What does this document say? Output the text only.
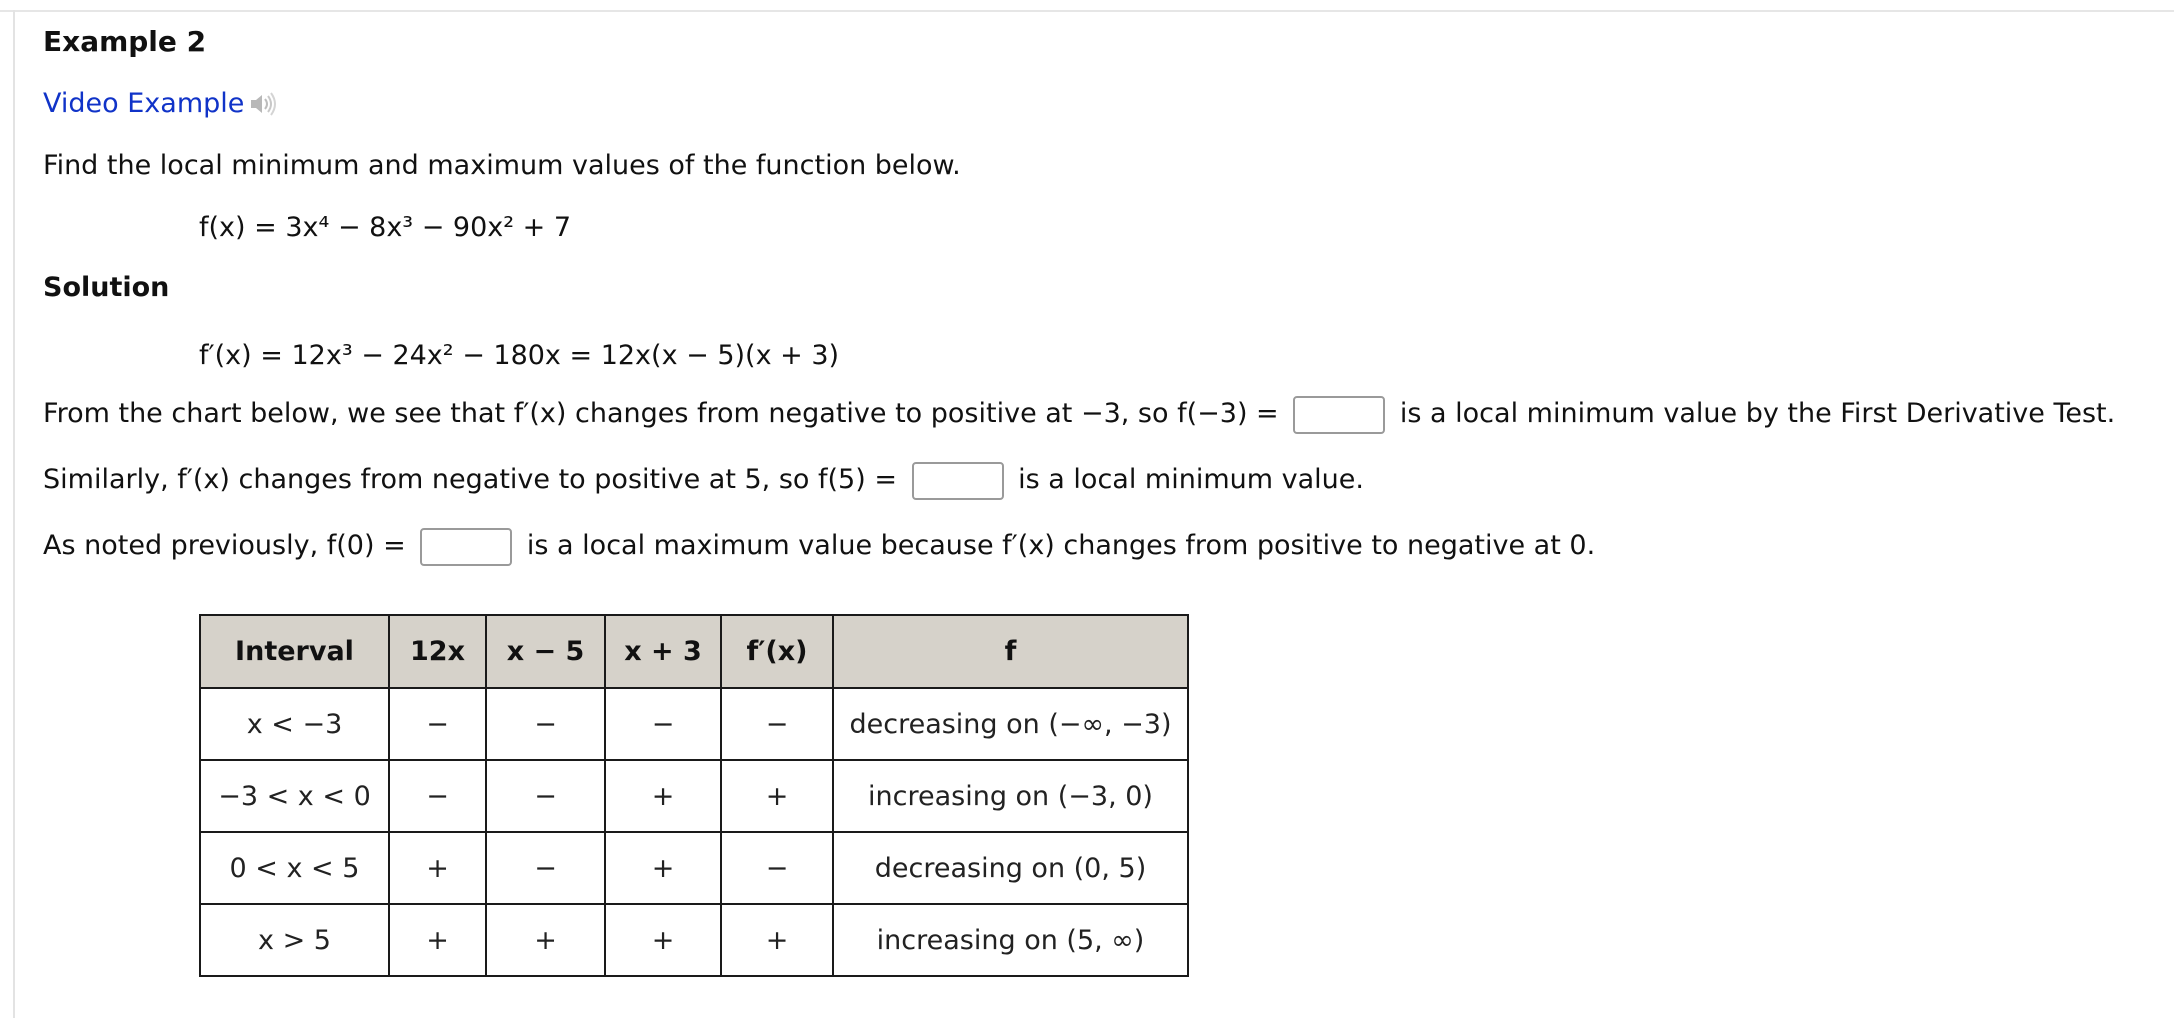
Example 2
Video Example
Find the local minimum and maximum values of the function below.
f(x) = 3x⁴ − 8x³ − 90x² + 7
Solution
f′(x) = 12x³ − 24x² − 180x = 12x(x − 5)(x + 3)
From the chart below, we see that f′(x) changes from negative to positive at −3, so f(−3) =	is a local minimum value by the First Derivative Test.
Similarly, f′(x) changes from negative to positive at 5, so f(5) =	is a local minimum value.
As noted previously, f(0) =	is a local maximum value because f′(x) changes from positive to negative at 0.
Interval	12x	x − 5	x + 3	f′(x)	f
x < −3	−	−	−	−	decreasing on (−∞, −3)
−3 < x < 0	−	−	+	+	increasing on (−3, 0)
0 < x < 5	+	−	+	−	decreasing on (0, 5)
x > 5	+	+	+	+	increasing on (5, ∞)
